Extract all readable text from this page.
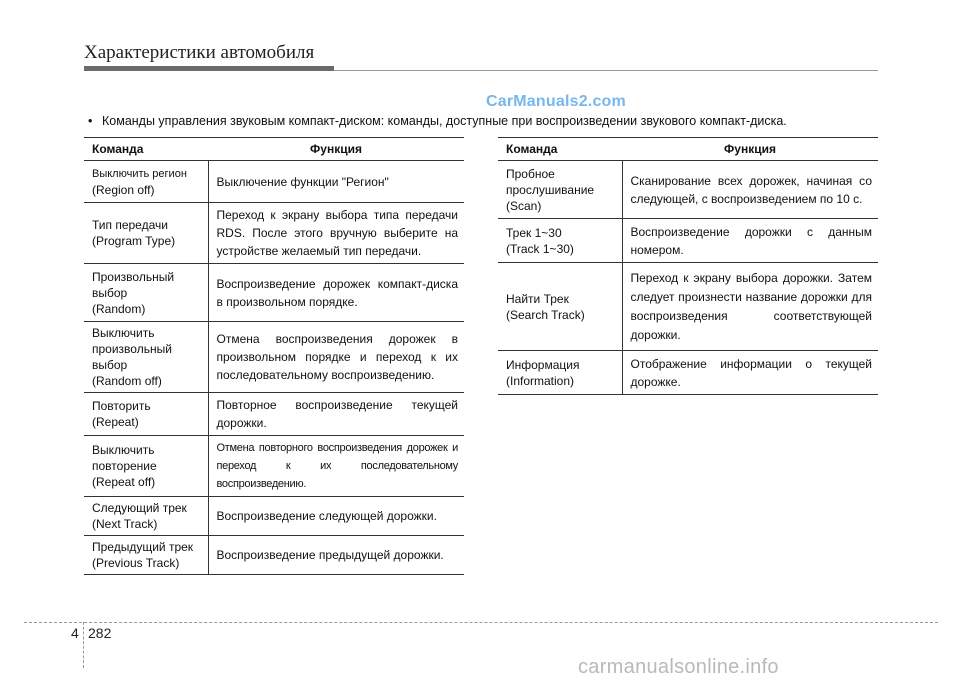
Характеристики автомобиля
CarManuals2.com
• Команды управления звуковым компакт-диском: команды, доступные при воспроизведении звукового компакт-диска.
Команда	Функция

Выключить регион
(Region off)	Выключение функции "Регион"

Тип передачи
(Program Type)	Переход к экрану выбора типа передачи RDS. После этого вручную выберите на устройстве желаемый тип передачи.

Произвольный
выбор
(Random)	Воспроизведение дорожек компакт-диска в произвольном порядке.

Выключить
произвольный
выбор
(Random off)	Отмена воспроизведения дорожек в произвольном порядке и переход к их последовательному воспроизведению.

Повторить
(Repeat)	Повторное воспроизведение текущей дорожки.

Выключить
повторение
(Repeat off)	Отмена повторного воспроизведения дорожек и переход к их последовательному воспроизведению.

Следующий трек
(Next Track)	Воспроизведение следующей дорожки.

Предыдущий трек
(Previous Track)	Воспроизведение предыдущей дорожки.
Команда	Функция

Пробное
прослушивание
(Scan)	Сканирование всех дорожек, начиная со следующей, с воспроизведением по 10 с.

Трек 1~30
(Track 1~30)	Воспроизведение дорожки с данным номером.

Найти Трек
(Search Track)	Переход к экрану выбора дорожки. Затем следует произнести название дорожки для воспроизведения соответствующей дорожки.

Информация
(Information)	Отображение информации о текущей дорожке.
4 282
carmanualsonline.info
